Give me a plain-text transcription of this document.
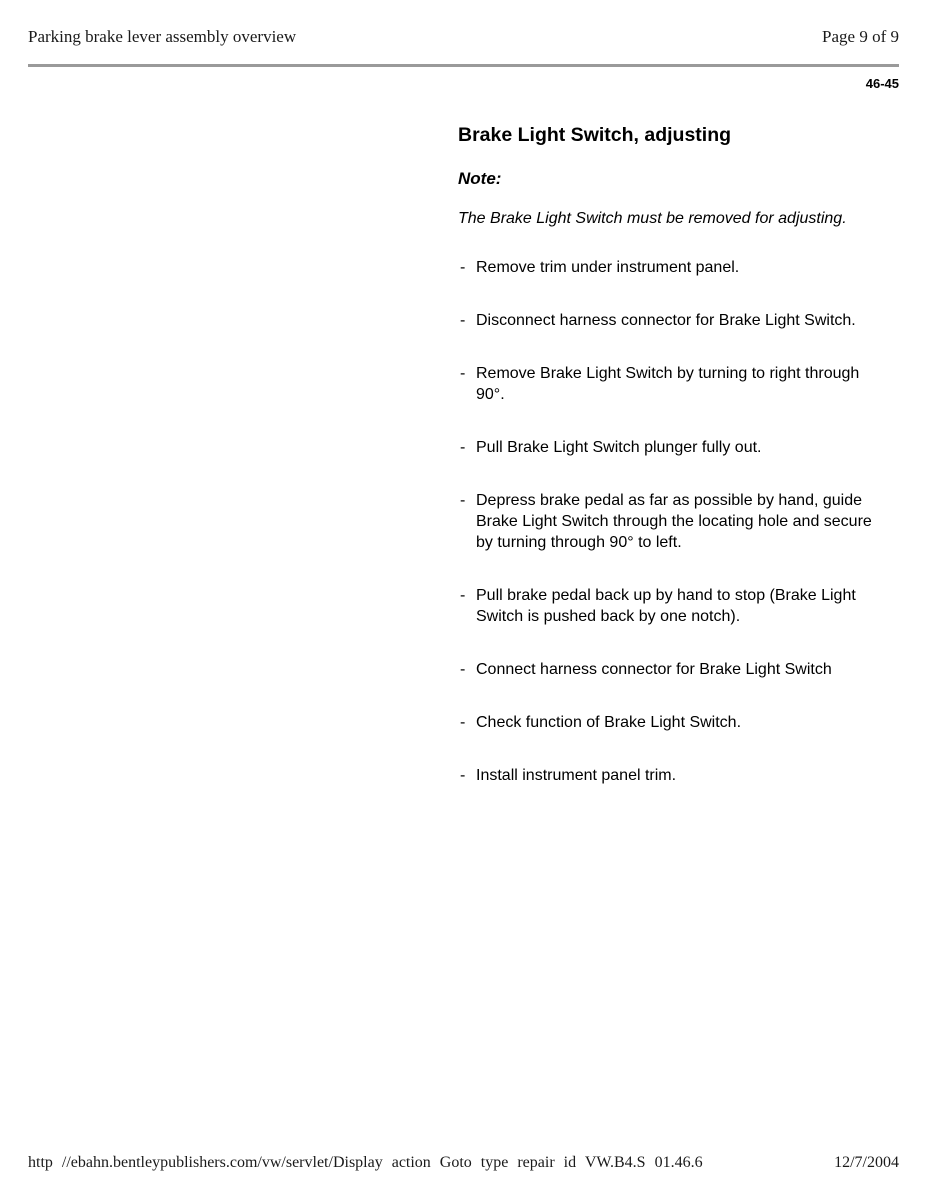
Parking brake lever assembly overview	Page 9 of 9
46-45
Brake Light Switch, adjusting
Note:
The Brake Light Switch must be removed for adjusting.
- Remove trim under instrument panel.
- Disconnect harness connector for Brake Light Switch.
- Remove Brake Light Switch by turning to right through 90°.
- Pull Brake Light Switch plunger fully out.
- Depress brake pedal as far as possible by hand, guide Brake Light Switch through the locating hole and secure by turning through 90° to left.
- Pull brake pedal back up by hand to stop (Brake Light Switch is pushed back by one notch).
- Connect harness connector for Brake Light Switch
- Check function of Brake Light Switch.
- Install instrument panel trim.
http //ebahn.bentleypublishers.com/vw/servlet/Display action Goto type repair id VW.B4.S 01.46.6	12/7/2004
